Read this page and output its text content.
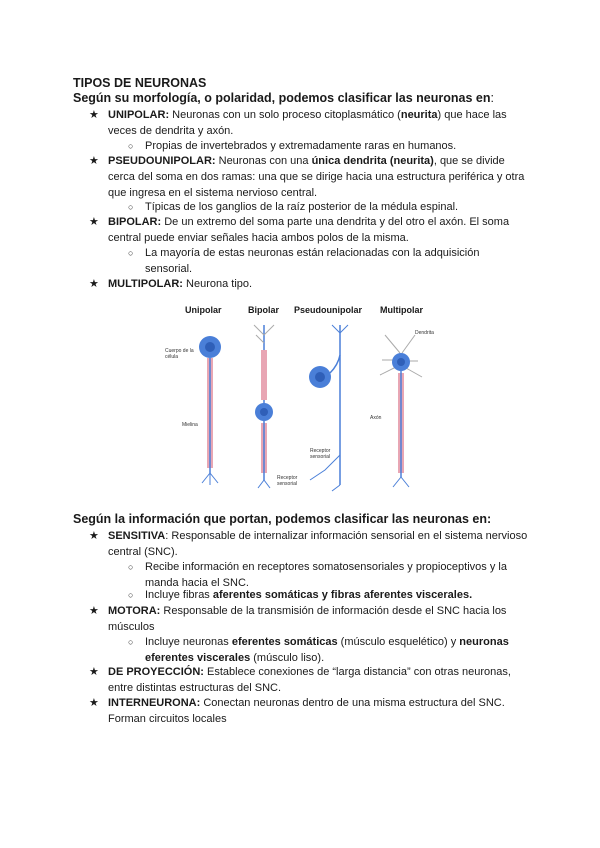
TIPOS DE NEURONAS
Según su morfología, o polaridad, podemos clasificar las neuronas en:
★ UNIPOLAR: Neuronas con un solo proceso citoplasmático (neurita) que hace las veces de dendrita y axón.
○ Propias de invertebrados y extremadamente raras en humanos.
★ PSEUDOUNIPOLAR: Neuronas con una única dendrita (neurita), que se divide cerca del soma en dos ramas: una que se dirige hacia una estructura periférica y otra que ingresa en el sistema nervioso central.
○ Típicas de los ganglios de la raíz posterior de la médula espinal.
★ BIPOLAR: De un extremo del soma parte una dendrita y del otro el axón. El soma central puede enviar señales hacia ambos polos de la misma.
○ La mayoría de estas neuronas están relacionadas con la adquisición sensorial.
★ MULTIPOLAR: Neurona tipo.
Unipolar	Bipolar Pseudounipolar Multipolar
Cuerpo de la célula
Mielina
Receptor sensorial
Receptor sensorial
Dendrita
Axón
Según la información que portan, podemos clasificar las neuronas en:
★ SENSITIVA: Responsable de internalizar información sensorial en el sistema nervioso central (SNC).
○ Recibe información en receptores somatosensoriales y propioceptivos y la manda hacia el SNC.
○ Incluye fibras aferentes somáticas y fibras aferentes viscerales.
★ MOTORA: Responsable de la transmisión de información desde el SNC hacia los músculos
○ Incluye neuronas eferentes somáticas (músculo esquelético) y neuronas eferentes viscerales (músculo liso).
★ DE PROYECCIÓN: Establece conexiones de “larga distancia” con otras neuronas, entre distintas estructuras del SNC.
★ INTERNEURONA: Conectan neuronas dentro de una misma estructura del SNC. Forman circuitos locales
